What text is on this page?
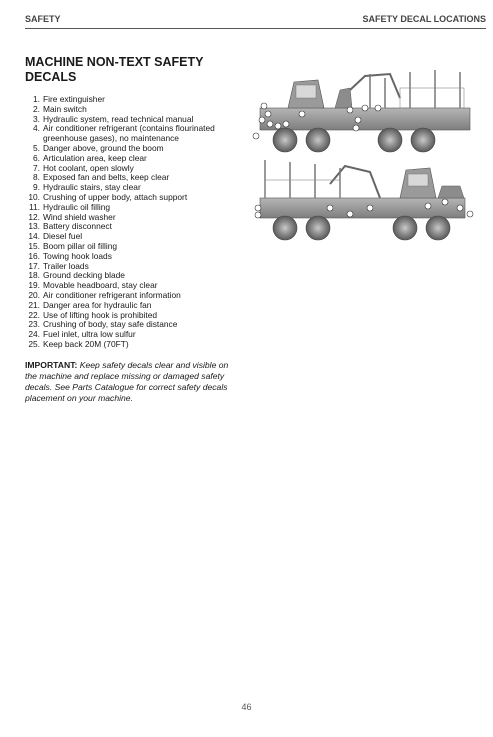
SAFETY	SAFETY DECAL LOCATIONS
MACHINE NON-TEXT SAFETY
DECALS
1. Fire extinguisher
2. Main switch
3. Hydraulic system, read technical manual
4. Air conditioner refrigerant (contains flourinated greenhouse gases), no maintenance
5. Danger above, ground the boom
6. Articulation area, keep clear
7. Hot coolant, open slowly
8. Exposed fan and belts, keep clear
9. Hydraulic stairs, stay clear
10. Crushing of upper body, attach support
11. Hydraulic oil filling
12. Wind shield washer
13. Battery disconnect
14. Diesel fuel
15. Boom pillar oil filling
16. Towing hook loads
17. Trailer loads
18. Ground decking blade
19. Movable headboard, stay clear
20. Air conditioner refrigerant information
21. Danger area for hydraulic fan
22. Use of lifting hook is prohibited
23. Crushing of body, stay safe distance
24. Fuel inlet, ultra low sulfur
25. Keep back 20M (70FT)

IMPORTANT: Keep safety decals clear and visible on the machine and replace missing or damaged safety decals. See Parts Catalogue for correct safety decals placement on your machine.

46
